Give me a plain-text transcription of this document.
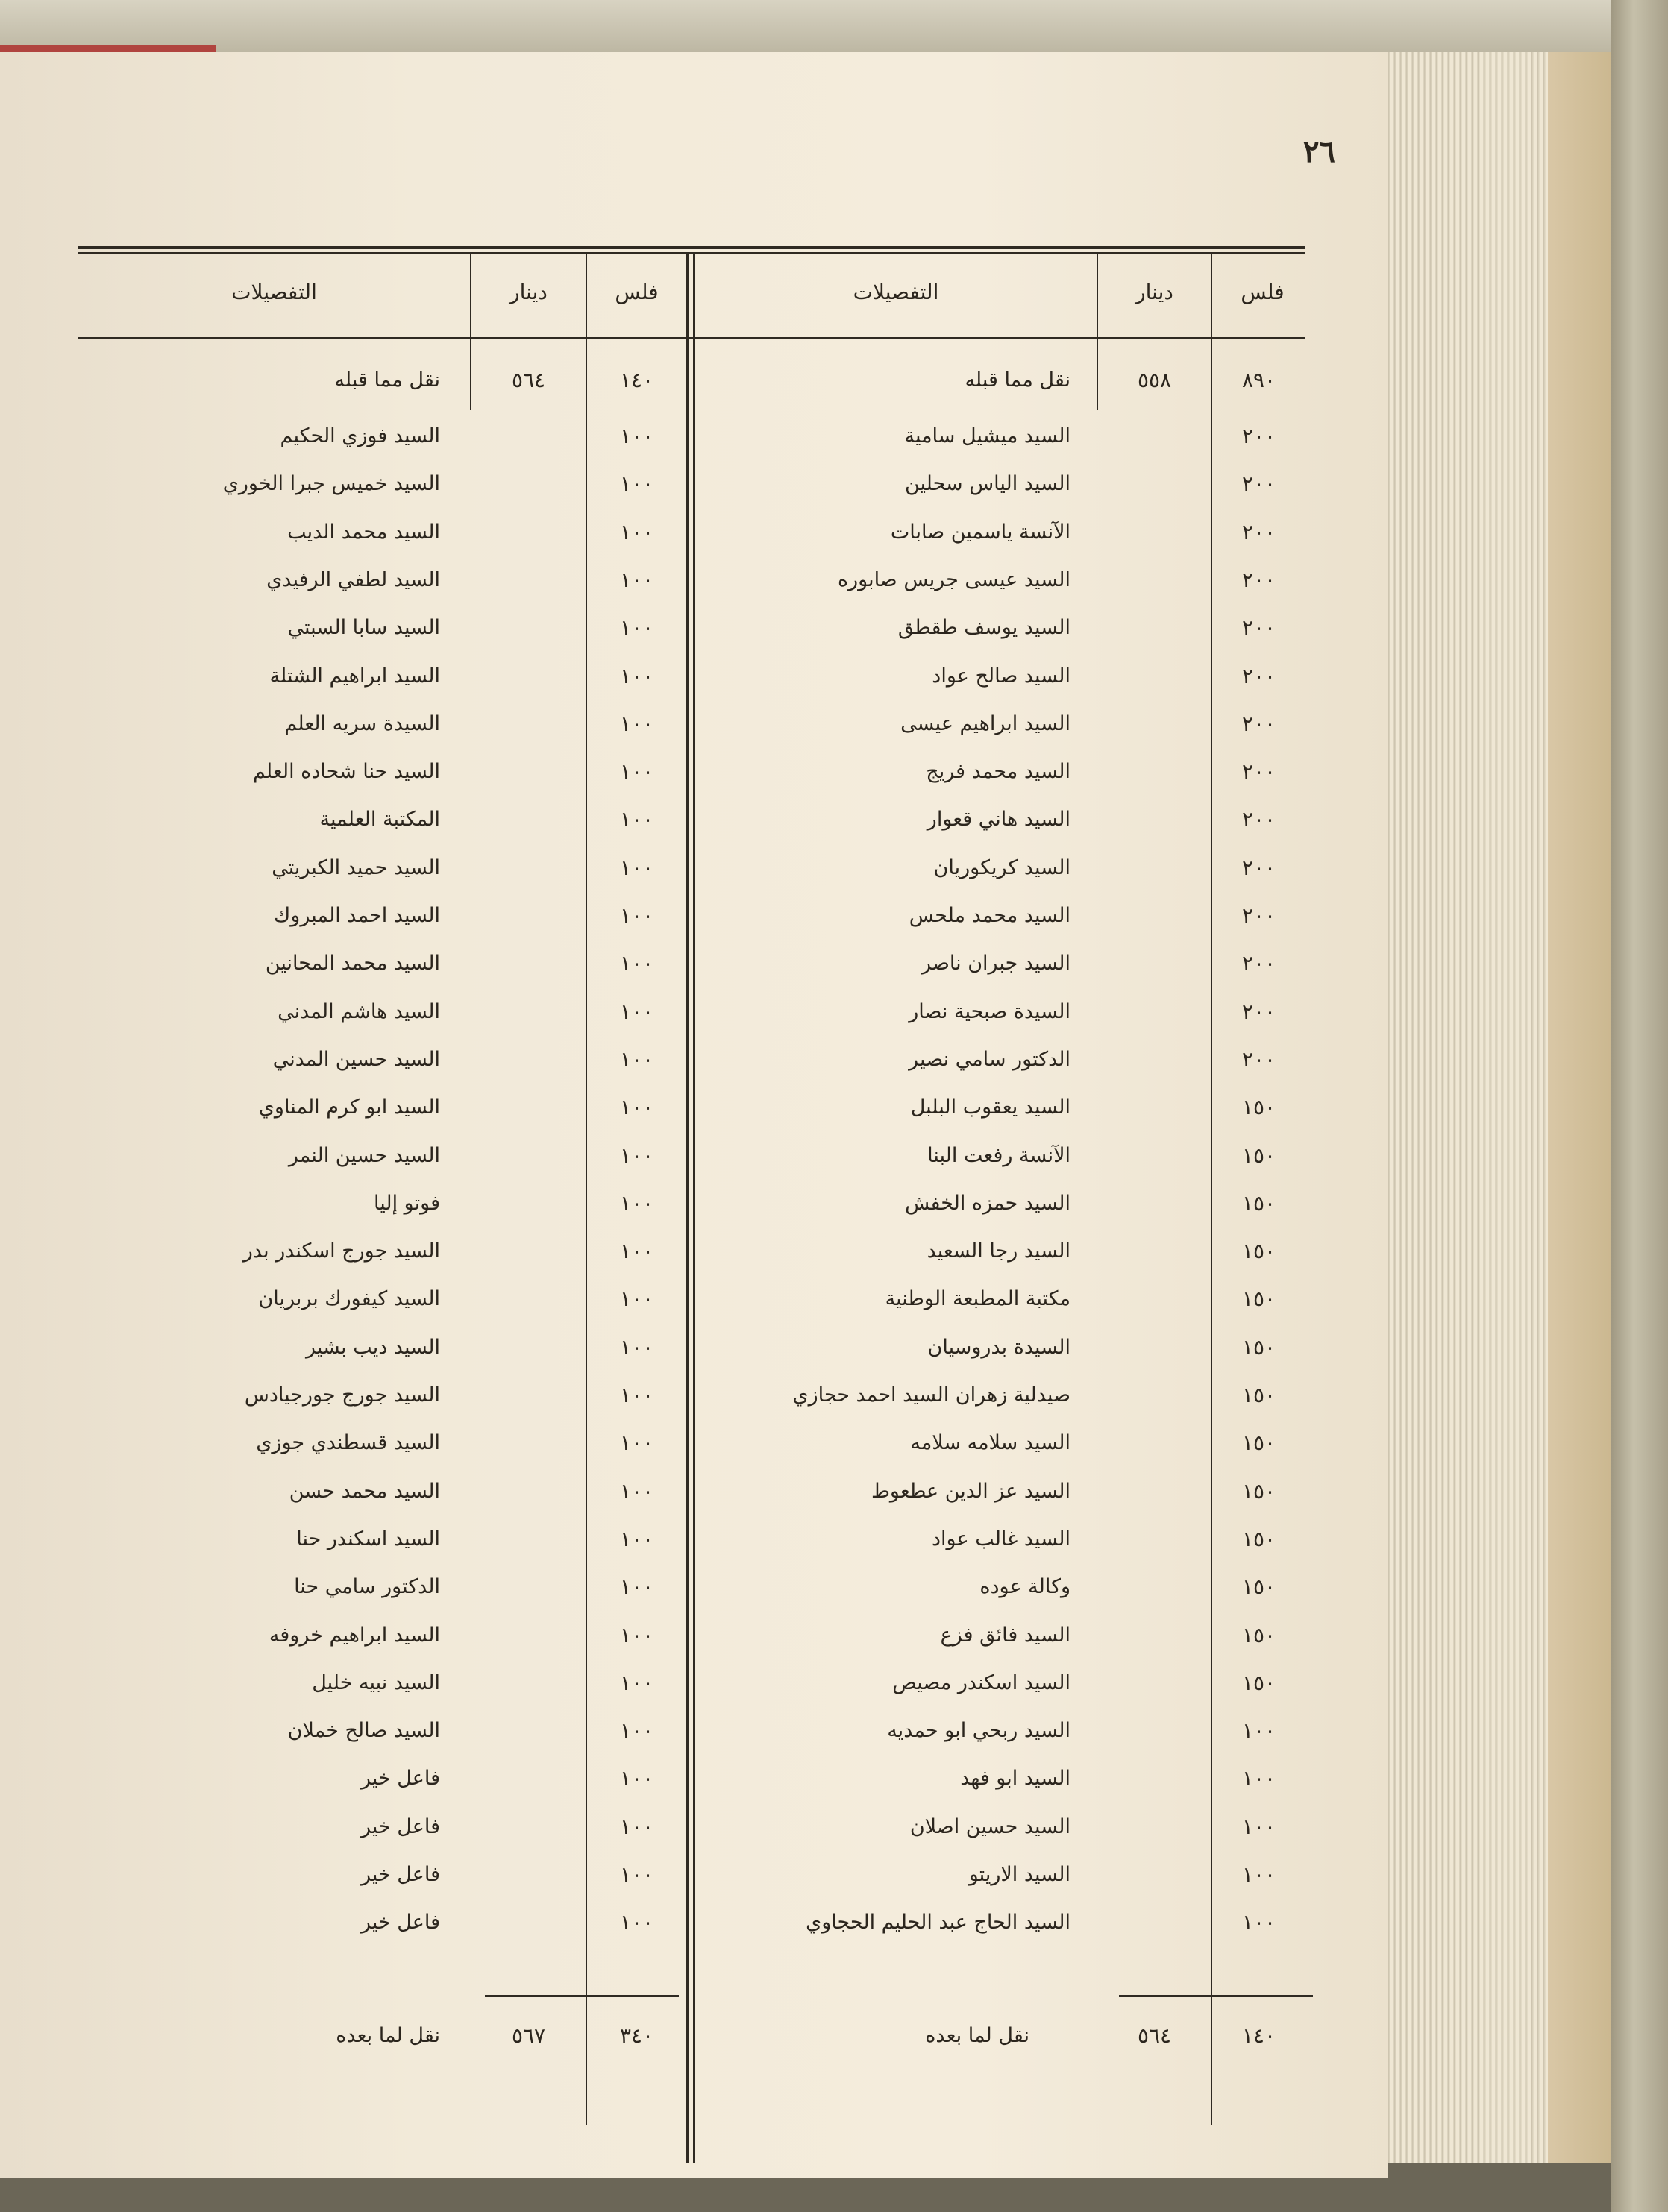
٢٦
فلس
دينار
التفصيلات
فلس
دينار
التفصيلات
٨٩٠
٥٥٨
نقل مما قبله
١٤٠
٥٦٤
نقل مما قبله
٢٠٠
السيد ميشيل سامية
٢٠٠
السيد الياس سحلين
٢٠٠
الآنسة ياسمين صابات
٢٠٠
السيد عيسى جريس صابوره
٢٠٠
السيد يوسف طقطق
٢٠٠
السيد صالح عواد
٢٠٠
السيد ابراهيم عيسى
٢٠٠
السيد محمد فريج
٢٠٠
السيد هاني قعوار
٢٠٠
السيد كريكوريان
٢٠٠
السيد محمد ملحس
٢٠٠
السيد جبران ناصر
٢٠٠
السيدة صبحية نصار
٢٠٠
الدكتور سامي نصير
١٥٠
السيد يعقوب البلبل
١٥٠
الآنسة رفعت البنا
١٥٠
السيد حمزه الخفش
١٥٠
السيد رجا السعيد
١٥٠
مكتبة المطبعة الوطنية
١٥٠
السيدة بدروسيان
١٥٠
صيدلية زهران السيد احمد حجازي
١٥٠
السيد سلامه سلامه
١٥٠
السيد عز الدين عطعوط
١٥٠
السيد غالب عواد
١٥٠
وكالة عوده
١٥٠
السيد فائق فزع
١٥٠
السيد اسكندر مصيص
١٠٠
السيد ربحي ابو حمديه
١٠٠
السيد ابو فهد
١٠٠
السيد حسين اصلان
١٠٠
السيد الاريتو
١٠٠
السيد الحاج عبد الحليم الحجاوي
١٠٠
السيد فوزي الحكيم
١٠٠
السيد خميس جبرا الخوري
١٠٠
السيد محمد الديب
١٠٠
السيد لطفي الرفيدي
١٠٠
السيد سابا السبتي
١٠٠
السيد ابراهيم الشتلة
١٠٠
السيدة سريه العلم
١٠٠
السيد حنا شحاده العلم
١٠٠
المكتبة العلمية
١٠٠
السيد حميد الكبريتي
١٠٠
السيد احمد المبروك
١٠٠
السيد محمد المحانين
١٠٠
السيد هاشم المدني
١٠٠
السيد حسين المدني
١٠٠
السيد ابو كرم المناوي
١٠٠
السيد حسين النمر
١٠٠
فوتو إليا
١٠٠
السيد جورج اسكندر بدر
١٠٠
السيد كيفورك بربريان
١٠٠
السيد ديب بشير
١٠٠
السيد جورج جورجيادس
١٠٠
السيد قسطندي جوزي
١٠٠
السيد محمد حسن
١٠٠
السيد اسكندر حنا
١٠٠
الدكتور سامي حنا
١٠٠
السيد ابراهيم خروفه
١٠٠
السيد نبيه خليل
١٠٠
السيد صالح خملان
١٠٠
فاعل خير
١٠٠
فاعل خير
١٠٠
فاعل خير
١٠٠
فاعل خير
١٤٠
٥٦٤
نقل لما بعده
٣٤٠
٥٦٧
نقل لما بعده
